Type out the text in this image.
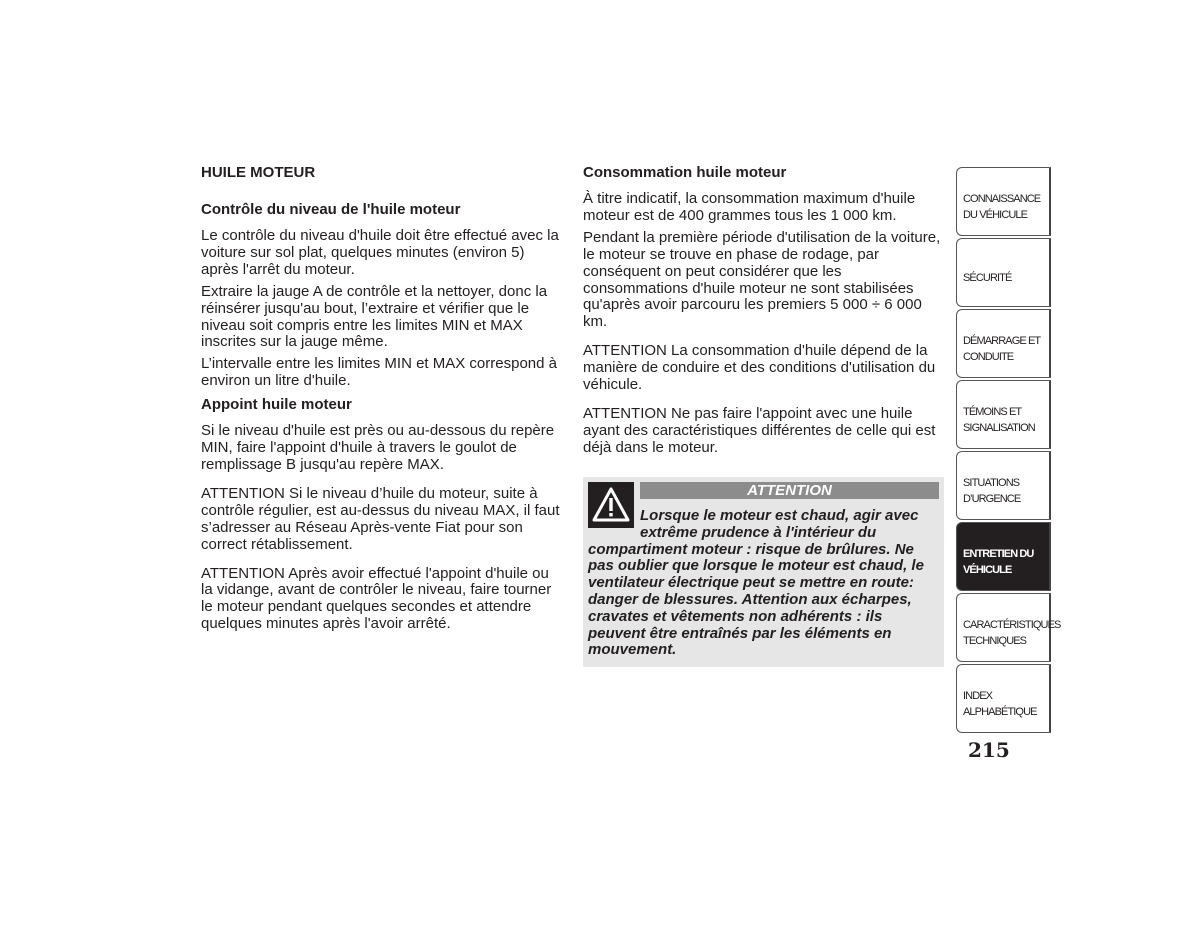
HUILE MOTEUR
Contrôle du niveau de l'huile moteur

Le contrôle du niveau d'huile doit être effectué avec la voiture sur sol plat, quelques minutes (environ 5) après l'arrêt du moteur.

Extraire la jauge A de contrôle et la nettoyer, donc la réinsérer jusqu'au bout, l’extraire et vérifier que le niveau soit compris entre les limites MIN et MAX inscrites sur la jauge même.

L’intervalle entre les limites MIN et MAX correspond à environ un litre d'huile.

Appoint huile moteur

Si le niveau d'huile est près ou au-dessous du repère MIN, faire l'appoint d'huile à travers le goulot de remplissage B jusqu'au repère MAX.

ATTENTION Si le niveau d’huile du moteur, suite à contrôle régulier, est au-dessus du niveau MAX, il faut s’adresser au Réseau Après-vente Fiat pour son correct rétablissement.

ATTENTION Après avoir effectué l'appoint d'huile ou la vidange, avant de contrôler le niveau, faire tourner le moteur pendant quelques secondes et attendre quelques minutes après l'avoir arrêté.

Consommation huile moteur

À titre indicatif, la consommation maximum d'huile moteur est de 400 grammes tous les 1 000 km.

Pendant la première période d'utilisation de la voiture, le moteur se trouve en phase de rodage, par conséquent on peut considérer que les consommations d'huile moteur ne sont stabilisées qu'après avoir parcouru les premiers 5 000 ÷ 6 000 km.

ATTENTION La consommation d'huile dépend de la manière de conduire et des conditions d'utilisation du véhicule.

ATTENTION Ne pas faire l'appoint avec une huile ayant des caractéristiques différentes de celle qui est déjà dans le moteur.

ATTENTION

Lorsque le moteur est chaud, agir avec extrême prudence à l'intérieur du
compartiment moteur : risque de brûlures. Ne pas oublier que lorsque le moteur est chaud, le ventilateur électrique peut se mettre en route: danger de blessures. Attention aux écharpes, cravates et vêtements non adhérents : ils peuvent être entraînés par les éléments en mouvement.

CONNAISSANCE DU VÉHICULE
SÉCURITÉ
DÉMARRAGE ET CONDUITE
TÉMOINS ET SIGNALISATION
SITUATIONS D’URGENCE
ENTRETIEN DU VÉHICULE
CARACTÉRISTIQUES TECHNIQUES
INDEX ALPHABÉTIQUE
215
